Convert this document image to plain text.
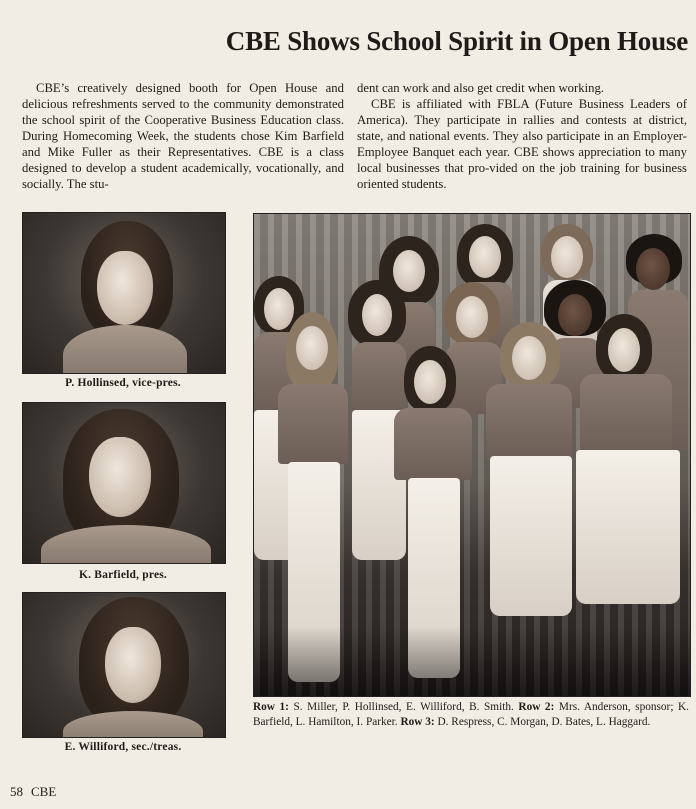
CBE Shows School Spirit in Open House

CBE’s creatively designed booth for Open House and delicious refreshments served to the community demonstrated the school spirit of the Cooperative Business Education class. During Homecoming Week, the students chose Kim Barfield and Mike Fuller as their Representatives. CBE is a class designed to develop a student academically, vocationally, and socially. The stu-

dent can work and also get credit when working.

CBE is affiliated with FBLA (Future Business Leaders of America). They participate in rallies and contests at district, state, and national events. They also participate in an Employer-Employee Banquet each year. CBE shows appreciation to many local businesses that pro-vided on the job training for business oriented students.

P. Hollinsed, vice-pres.
K. Barfield, pres.
E. Williford, sec./treas.
Row 1: S. Miller, P. Hollinsed, E. Williford, B. Smith. Row 2: Mrs. Anderson, sponsor; K. Barfield, L. Hamilton, I. Parker. Row 3: D. Respress, C. Morgan, D. Bates, L. Haggard.
58 CBE
